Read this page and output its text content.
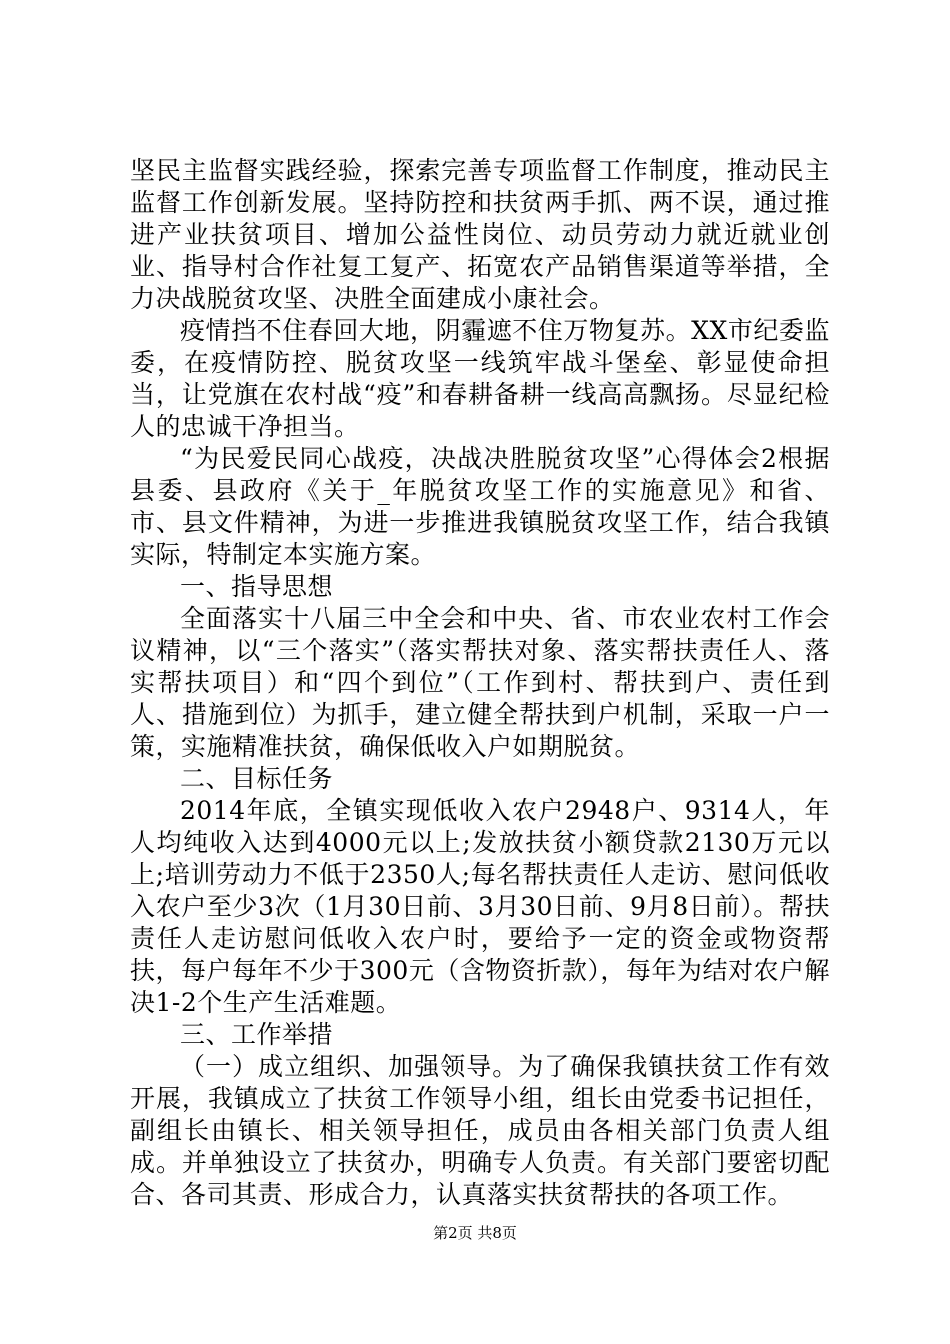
坚民主监督实践经验，探索完善专项监督工作制度，推动民主监督工作创新发展。坚持防控和扶贫两手抓、两不误，通过推进产业扶贫项目、增加公益性岗位、动员劳动力就近就业创业、指导村合作社复工复产、拓宽农产品销售渠道等举措，全力决战脱贫攻坚、决胜全面建成小康社会。

疫情挡不住春回大地，阴霾遮不住万物复苏。XX市纪委监委，在疫情防控、脱贫攻坚一线筑牢战斗堡垒、彰显使命担当，让党旗在农村战“疫”和春耕备耕一线高高飘扬。尽显纪检人的忠诚干净担当。

“为民爱民同心战疫，决战决胜脱贫攻坚”心得体会2根据县委、县政府《关于_年脱贫攻坚工作的实施意见》和省、市、县文件精神，为进一步推进我镇脱贫攻坚工作，结合我镇实际，特制定本实施方案。

一、指导思想

全面落实十八届三中全会和中央、省、市农业农村工作会议精神，以“三个落实”（落实帮扶对象、落实帮扶责任人、落实帮扶项目）和“四个到位”（工作到村、帮扶到户、责任到人、措施到位）为抓手，建立健全帮扶到户机制，采取一户一策，实施精准扶贫，确保低收入户如期脱贫。

二、目标任务

2014年底，全镇实现低收入农户2948户、9314人，年人均纯收入达到4000元以上;发放扶贫小额贷款2130万元以上;培训劳动力不低于2350人;每名帮扶责任人走访、慰问低收入农户至少3次（1月30日前、3月30日前、9月8日前）。帮扶责任人走访慰问低收入农户时，要给予一定的资金或物资帮扶，每户每年不少于300元（含物资折款），每年为结对农户解决1-2个生产生活难题。

三、工作举措

（一）成立组织、加强领导。为了确保我镇扶贫工作有效开展，我镇成立了扶贫工作领导小组，组长由党委书记担任，副组长由镇长、相关领导担任，成员由各相关部门负责人组成。并单独设立了扶贫办，明确专人负责。有关部门要密切配合、各司其责、形成合力，认真落实扶贫帮扶的各项工作。

第2页 共8页
